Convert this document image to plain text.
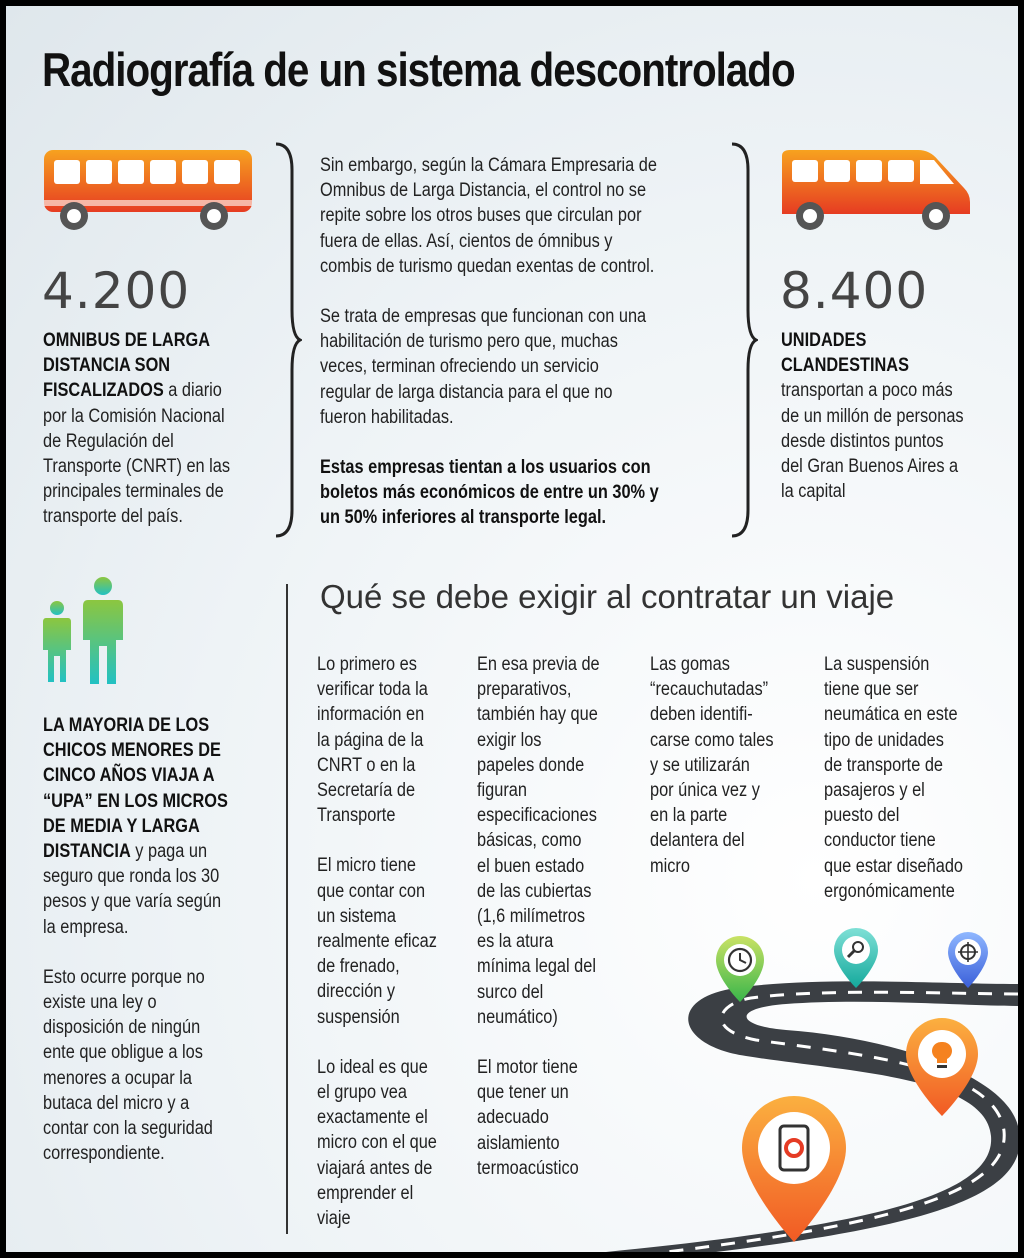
Radiografía de un sistema descontrolado
4.200
OMNIBUS DE LARGA
DISTANCIA SON
FISCALIZADOS a diario
por la Comisión Nacional
de Regulación del
Transporte (CNRT) en las
principales terminales de
transporte del país.

Sin embargo, según la Cámara Empresaria de
Omnibus de Larga Distancia, el control no se
repite sobre los otros buses que circulan por
fuera de ellas. Así, cientos de ómnibus y
combis de turismo quedan exentas de control.

Se trata de empresas que funcionan con una
habilitación de turismo pero que, muchas
veces, terminan ofreciendo un servicio
regular de larga distancia para el que no
fueron habilitadas.

Estas empresas tientan a los usuarios con
boletos más económicos de entre un 30% y
un 50% inferiores al transporte legal.

8.400
UNIDADES
CLANDESTINAS
transportan a poco más
de un millón de personas
desde distintos puntos
del Gran Buenos Aires a
la capital

LA MAYORIA DE LOS
CHICOS MENORES DE
CINCO AÑOS VIAJA A
“UPA” EN LOS MICROS
DE MEDIA Y LARGA
DISTANCIA y paga un
seguro que ronda los 30
pesos y que varía según
la empresa.

Esto ocurre porque no
existe una ley o
disposición de ningún
ente que obligue a los
menores a ocupar la
butaca del micro y a
contar con la seguridad
correspondiente.

Qué se debe exigir al contratar un viaje

Lo primero es
verificar toda la
información en
la página de la
CNRT o en la
Secretaría de
Transporte

El micro tiene
que contar con
un sistema
realmente eficaz
de frenado,
dirección y
suspensión

Lo ideal es que
el grupo vea
exactamente el
micro con el que
viajará antes de
emprender el
viaje

En esa previa de
preparativos,
también hay que
exigir los
papeles donde
figuran
especificaciones
básicas, como
el buen estado
de las cubiertas
(1,6 milímetros
es la atura
mínima legal del
surco del
neumático)

El motor tiene
que tener un
adecuado
aislamiento
termoacústico

Las gomas
“recauchutadas”
deben identifi-
carse como tales
y se utilizarán
por única vez y
en la parte
delantera del
micro

La suspensión
tiene que ser
neumática en este
tipo de unidades
de transporte de
pasajeros y el
puesto del
conductor tiene
que estar diseñado
ergonómicamente
